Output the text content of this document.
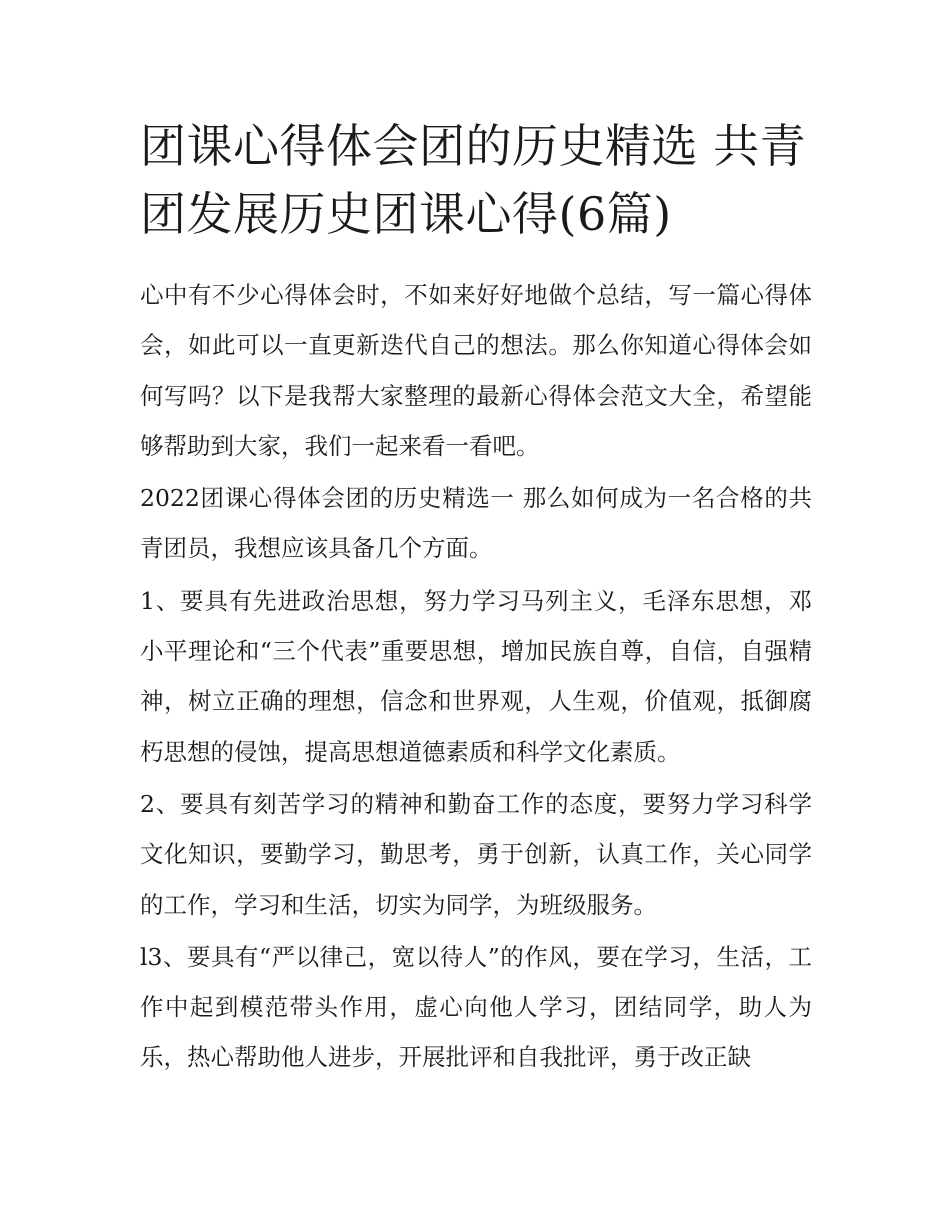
团课心得体会团的历史精选 共青团发展历史团课心得(6篇)

心中有不少心得体会时，不如来好好地做个总结，写一篇心得体会，如此可以一直更新迭代自己的想法。那么你知道心得体会如何写吗？以下是我帮大家整理的最新心得体会范文大全，希望能够帮助到大家，我们一起来看一看吧。

2022团课心得体会团的历史精选一 那么如何成为一名合格的共青团员，我想应该具备几个方面。

1、要具有先进政治思想，努力学习马列主义，毛泽东思想，邓小平理论和“三个代表”重要思想，增加民族自尊，自信，自强精神，树立正确的理想，信念和世界观，人生观，价值观，抵御腐朽思想的侵蚀，提高思想道德素质和科学文化素质。

2、要具有刻苦学习的精神和勤奋工作的态度，要努力学习科学文化知识，要勤学习，勤思考，勇于创新，认真工作，关心同学的工作，学习和生活，切实为同学，为班级服务。

l3、要具有“严以律己，宽以待人”的作风，要在学习，生活，工作中起到模范带头作用，虚心向他人学习，团结同学，助人为乐，热心帮助他人进步，开展批评和自我批评，勇于改正缺
